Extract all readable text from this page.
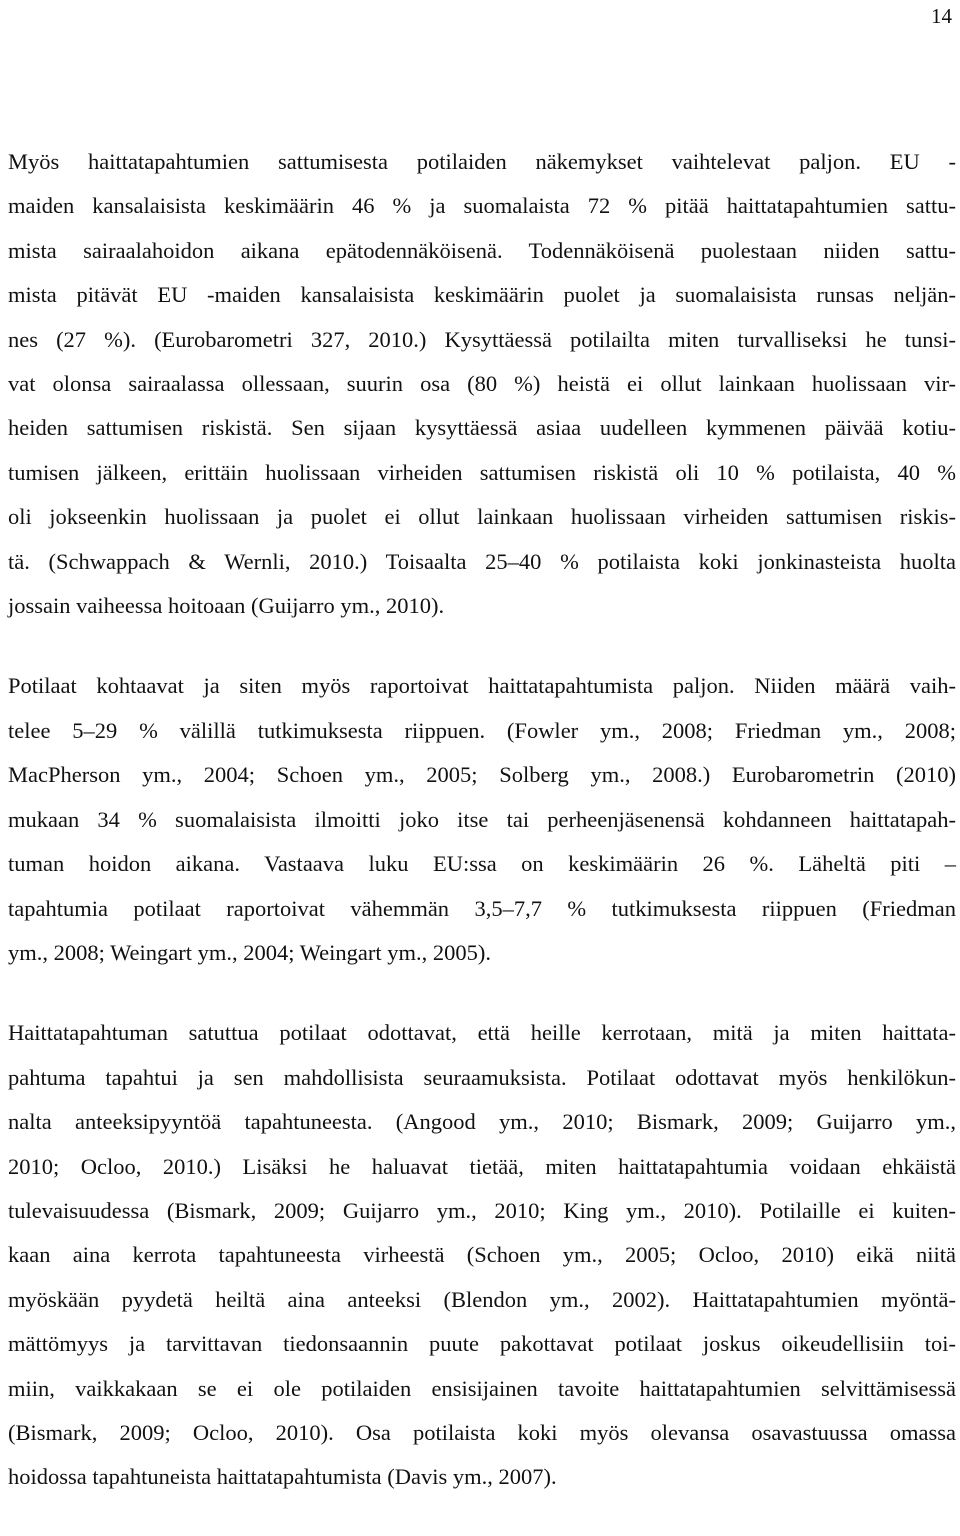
14

Myös haittatapahtumien sattumisesta potilaiden näkemykset vaihtelevat paljon. EU -
maiden kansalaisista keskimäärin 46 % ja suomalaista 72 % pitää haittatapahtumien sattu-
mista sairaalahoidon aikana epätodennäköisenä. Todennäköisenä puolestaan niiden sattu-
mista pitävät EU -maiden kansalaisista keskimäärin puolet ja suomalaisista runsas neljän-
nes (27 %). (Eurobarometri 327, 2010.) Kysyttäessä potilailta miten turvalliseksi he tunsi-
vat olonsa sairaalassa ollessaan, suurin osa (80 %) heistä ei ollut lainkaan huolissaan vir-
heiden sattumisen riskistä. Sen sijaan kysyttäessä asiaa uudelleen kymmenen päivää kotiu-
tumisen jälkeen, erittäin huolissaan virheiden sattumisen riskistä oli 10 % potilaista, 40 %
oli jokseenkin huolissaan ja puolet ei ollut lainkaan huolissaan virheiden sattumisen riskis-
tä. (Schwappach & Wernli, 2010.) Toisaalta 25–40 % potilaista koki jonkinasteista huolta
jossain vaiheessa hoitoaan (Guijarro ym., 2010).

Potilaat kohtaavat ja siten myös raportoivat haittatapahtumista paljon. Niiden määrä vaih-
telee 5–29 % välillä tutkimuksesta riippuen. (Fowler ym., 2008; Friedman ym., 2008;
MacPherson ym., 2004; Schoen ym., 2005; Solberg ym., 2008.) Eurobarometrin (2010)
mukaan 34 % suomalaisista ilmoitti joko itse tai perheenjäsenensä kohdanneen haittatapah-
tuman hoidon aikana. Vastaava luku EU:ssa on keskimäärin 26 %. Läheltä piti –
tapahtumia potilaat raportoivat vähemmän 3,5–7,7 % tutkimuksesta riippuen (Friedman
ym., 2008; Weingart ym., 2004; Weingart ym., 2005).

Haittatapahtuman satuttua potilaat odottavat, että heille kerrotaan, mitä ja miten haittata-
pahtuma tapahtui ja sen mahdollisista seuraamuksista. Potilaat odottavat myös henkilökun-
nalta anteeksipyyntöä tapahtuneesta. (Angood ym., 2010; Bismark, 2009; Guijarro ym.,
2010; Ocloo, 2010.) Lisäksi he haluavat tietää, miten haittatapahtumia voidaan ehkäistä
tulevaisuudessa (Bismark, 2009; Guijarro ym., 2010; King ym., 2010). Potilaille ei kuiten-
kaan aina kerrota tapahtuneesta virheestä (Schoen ym., 2005; Ocloo, 2010) eikä niitä
myöskään pyydetä heiltä aina anteeksi (Blendon ym., 2002). Haittatapahtumien myöntä-
mättömyys ja tarvittavan tiedonsaannin puute pakottavat potilaat joskus oikeudellisiin toi-
miin, vaikkakaan se ei ole potilaiden ensisijainen tavoite haittatapahtumien selvittämisessä
(Bismark, 2009; Ocloo, 2010). Osa potilaista koki myös olevansa osavastuussa omassa
hoidossa tapahtuneista haittatapahtumista (Davis ym., 2007).
